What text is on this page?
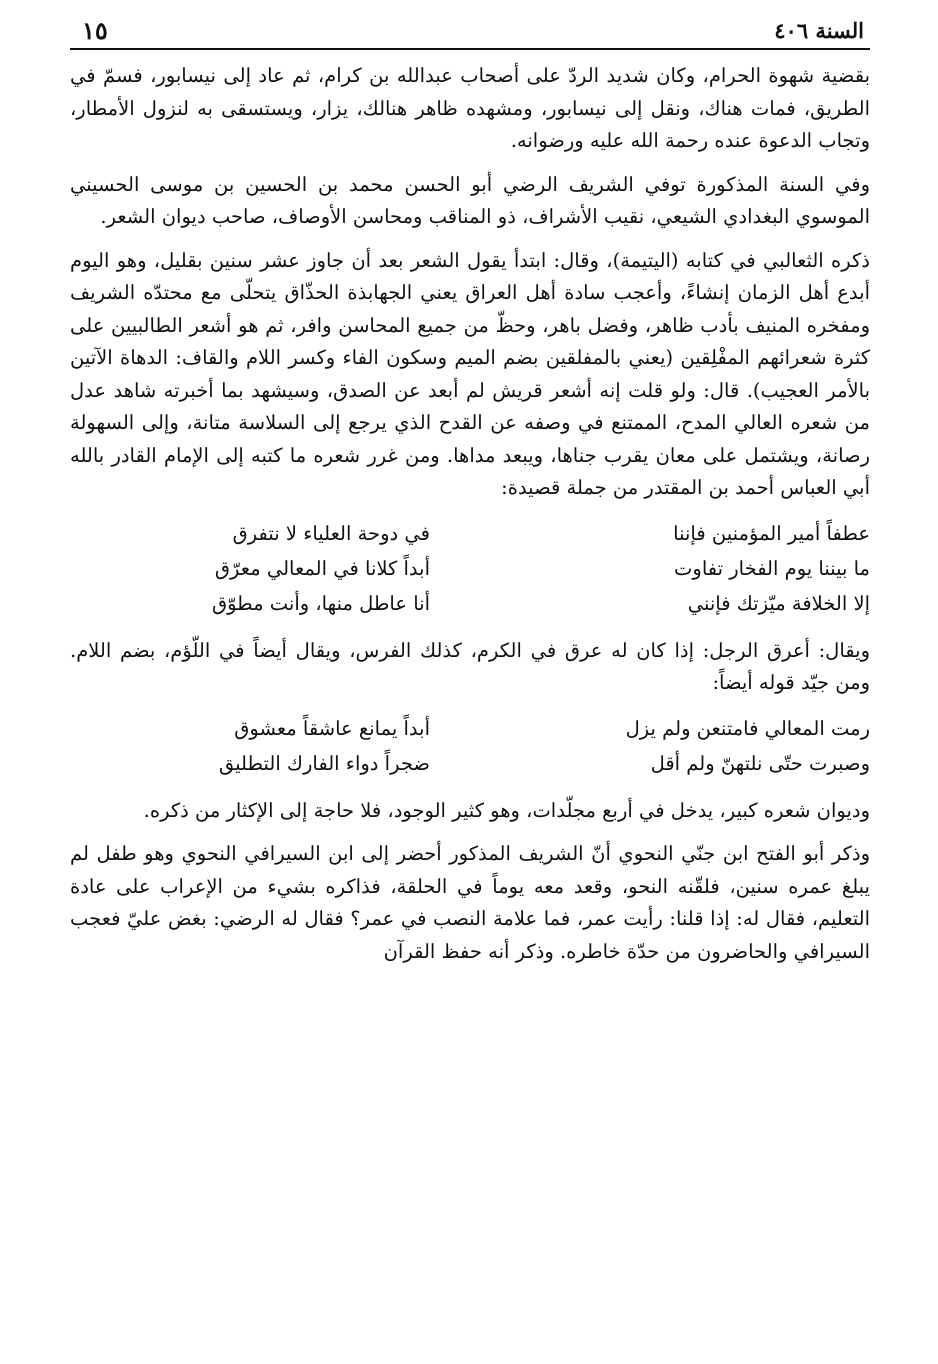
السنة ٤٠٦
١٥

بقضية شهوة الحرام، وكان شديد الردّ على أصحاب عبدالله بن كرام، ثم عاد إلى نيسابور، فسمّ في الطريق، فمات هناك، ونقل إلى نيسابور، ومشهده ظاهر هنالك، يزار، ويستسقى به لنزول الأمطار، وتجاب الدعوة عنده رحمة الله عليه ورضوانه.

وفي السنة المذكورة توفي الشريف الرضي أبو الحسن محمد بن الحسين بن موسى الحسيني الموسوي البغدادي الشيعي، نقيب الأشراف، ذو المناقب ومحاسن الأوصاف، صاحب ديوان الشعر.

ذكره الثعالبي في كتابه (اليتيمة)، وقال: ابتدأ يقول الشعر بعد أن جاوز عشر سنين بقليل، وهو اليوم أبدع أهل الزمان إنشاءً، وأعجب سادة أهل العراق يعني الجهابذة الحذّاق يتحلّى مع محتدّه الشريف ومفخره المنيف بأدب ظاهر، وفضل باهر، وحظّ من جميع المحاسن وافر، ثم هو أشعر الطالبيين على كثرة شعرائهم المفْلِقين (يعني بالمفلقين بضم الميم وسكون الفاء وكسر اللام والقاف: الدهاة الآتين بالأمر العجيب). قال: ولو قلت إنه أشعر قريش لم أبعد عن الصدق، وسيشهد بما أخبرته شاهد عدل من شعره العالي المدح، الممتنع في وصفه عن القدح الذي يرجع إلى السلاسة متانة، وإلى السهولة رصانة، ويشتمل على معان يقرب جناها، ويبعد مداها. ومن غرر شعره ما كتبه إلى الإمام القادر بالله أبي العباس أحمد بن المقتدر من جملة قصيدة:

عطفاً أمير المؤمنين فإننا
في دوحة العلياء لا نتفرق
ما بيننا يوم الفخار تفاوت
أبداً كلانا في المعالي معرّق
إلا الخلافة ميّزتك فإنني
أنا عاطل منها، وأنت مطوّق

ويقال: أعرق الرجل: إذا كان له عرق في الكرم، كذلك الفرس، ويقال أيضاً في اللّؤم، بضم اللام. ومن جيّد قوله أيضاً:

رمت المعالي فامتنعن ولم يزل
أبداً يمانع عاشقاً معشوق
وصبرت حتّى نلتهنّ ولم أقل
ضجراً دواء الفارك التطليق

وديوان شعره كبير، يدخل في أربع مجلّدات، وهو كثير الوجود، فلا حاجة إلى الإكثار من ذكره.

وذكر أبو الفتح ابن جنّي النحوي أنّ الشريف المذكور أحضر إلى ابن السيرافي النحوي وهو طفل لم يبلغ عمره سنين، فلقّنه النحو، وقعد معه يوماً في الحلقة، فذاكره بشيء من الإعراب على عادة التعليم، فقال له: إذا قلنا: رأيت عمر، فما علامة النصب في عمر؟ فقال له الرضي: بغض عليّ فعجب السيرافي والحاضرون من حدّة خاطره. وذكر أنه حفظ القرآن
